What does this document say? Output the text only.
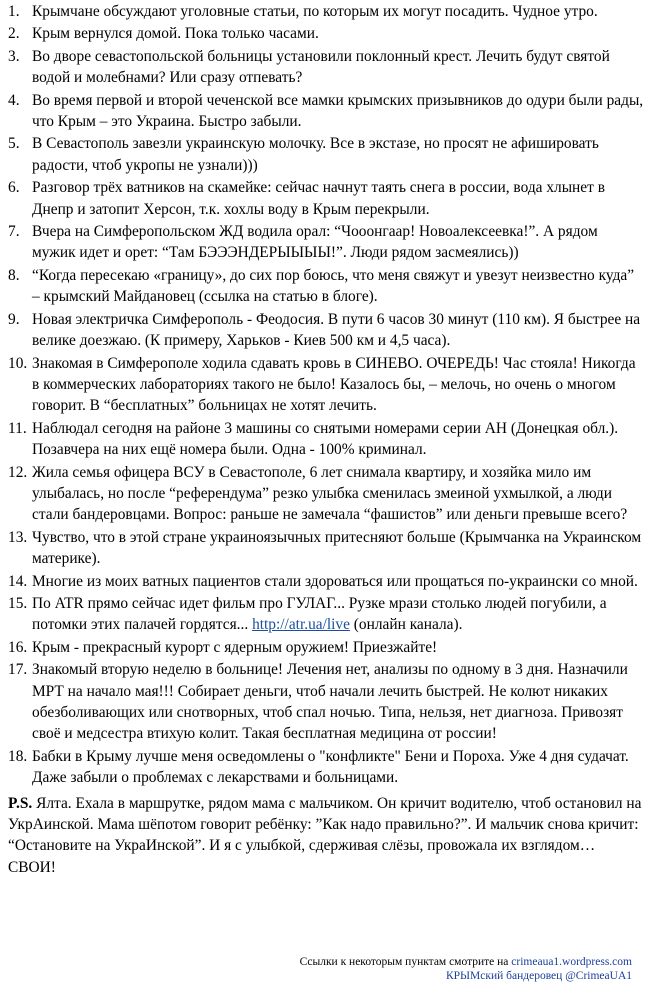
1. Крымчане обсуждают уголовные статьи, по которым их могут посадить. Чудное утро.
2. Крым вернулся домой. Пока только часами.
3. Во дворе севастопольской больницы установили поклонный крест. Лечить будут святой водой и молебнами? Или сразу отпевать?
4. Во время первой и второй чеченской все мамки крымских призывников до одури были рады, что Крым – это Украина. Быстро забыли.
5. В Севастополь завезли украинскую молочку. Все в экстазе, но просят не афишировать радости, чтоб укропы не узнали)))
6. Разговор трёх ватников на скамейке: сейчас начнут таять снега в россии, вода хлынет в Днепр и затопит Херсон, т.к. хохлы воду в Крым перекрыли.
7. Вчера на Симферопольском ЖД водила орал: “Чооонгаар! Новоалексеевка!”. А рядом мужик идет и орет: “Там БЭЭЭНДЕРЫЫЫЫ!”. Люди рядом засмеялись))
8. “Когда пересекаю «границу», до сих пор боюсь, что меня свяжут и увезут неизвестно куда” – крымский Майдановец (ссылка на статью в блоге).
9. Новая электричка Симферополь - Феодосия. В пути 6 часов 30 минут (110 км). Я быстрее на велике доезжаю. (К примеру, Харьков - Киев 500 км и 4,5 часа).
10. Знакомая в Симферополе ходила сдавать кровь в СИНЕВО. ОЧЕРЕДЬ! Час стояла! Никогда в коммерческих лабораториях такого не было! Казалось бы, – мелочь, но очень о многом говорит. В “бесплатных” больницах не хотят лечить.
11. Наблюдал сегодня на районе 3 машины со снятыми номерами серии АН (Донецкая обл.). Позавчера на них ещё номера были. Одна - 100% криминал.
12. Жила семья офицера ВСУ в Севастополе, 6 лет снимала квартиру, и хозяйка мило им улыбалась, но после “референдума” резко улыбка сменилась змеиной ухмылкой, а люди стали бандеровцами. Вопрос: раньше не замечала “фашистов” или деньги превыше всего?
13. Чувство, что в этой стране украиноязычных притесняют больше (Крымчанка на Украинском материке).
14. Многие из моих ватных пациентов стали здороваться или прощаться по-украински со мной.
15. По ATR прямо сейчас идет фильм про ГУЛАГ... Рузке мрази столько людей погубили, а потомки этих палачей гордятся... http://atr.ua/live (онлайн канала).
16. Крым - прекрасный курорт с ядерным оружием! Приезжайте!
17. Знакомый вторую неделю в больнице! Лечения нет, анализы по одному в 3 дня. Назначили МРТ на начало мая!!! Собирает деньги, чтоб начали лечить быстрей. Не колют никаких обезболивающих или снотворных, чтоб спал ночью. Типа, нельзя, нет диагноза. Привозят своё и медсестра втихую колит. Такая бесплатная медицина от россии!
18. Бабки в Крыму лучше меня осведомлены о "конфликте" Бени и Пороха. Уже 4 дня судачат. Даже забыли о проблемах с лекарствами и больницами.
P.S. Ялта. Ехала в маршрутке, рядом мама с мальчиком. Он кричит водителю, чтоб остановил на УкрАинской. Мама шёпотом говорит ребёнку: ”Как надо правильно?”. И мальчик снова кричит: “Остановите на УкраИнской”. И я с улыбкой, сдерживая слёзы, провожала их взглядом… СВОИ!
Ссылки к некоторым пунктам смотрите на crimeaua1.wordpress.com
КРЫМский бандеровец @CrimeaUA1
